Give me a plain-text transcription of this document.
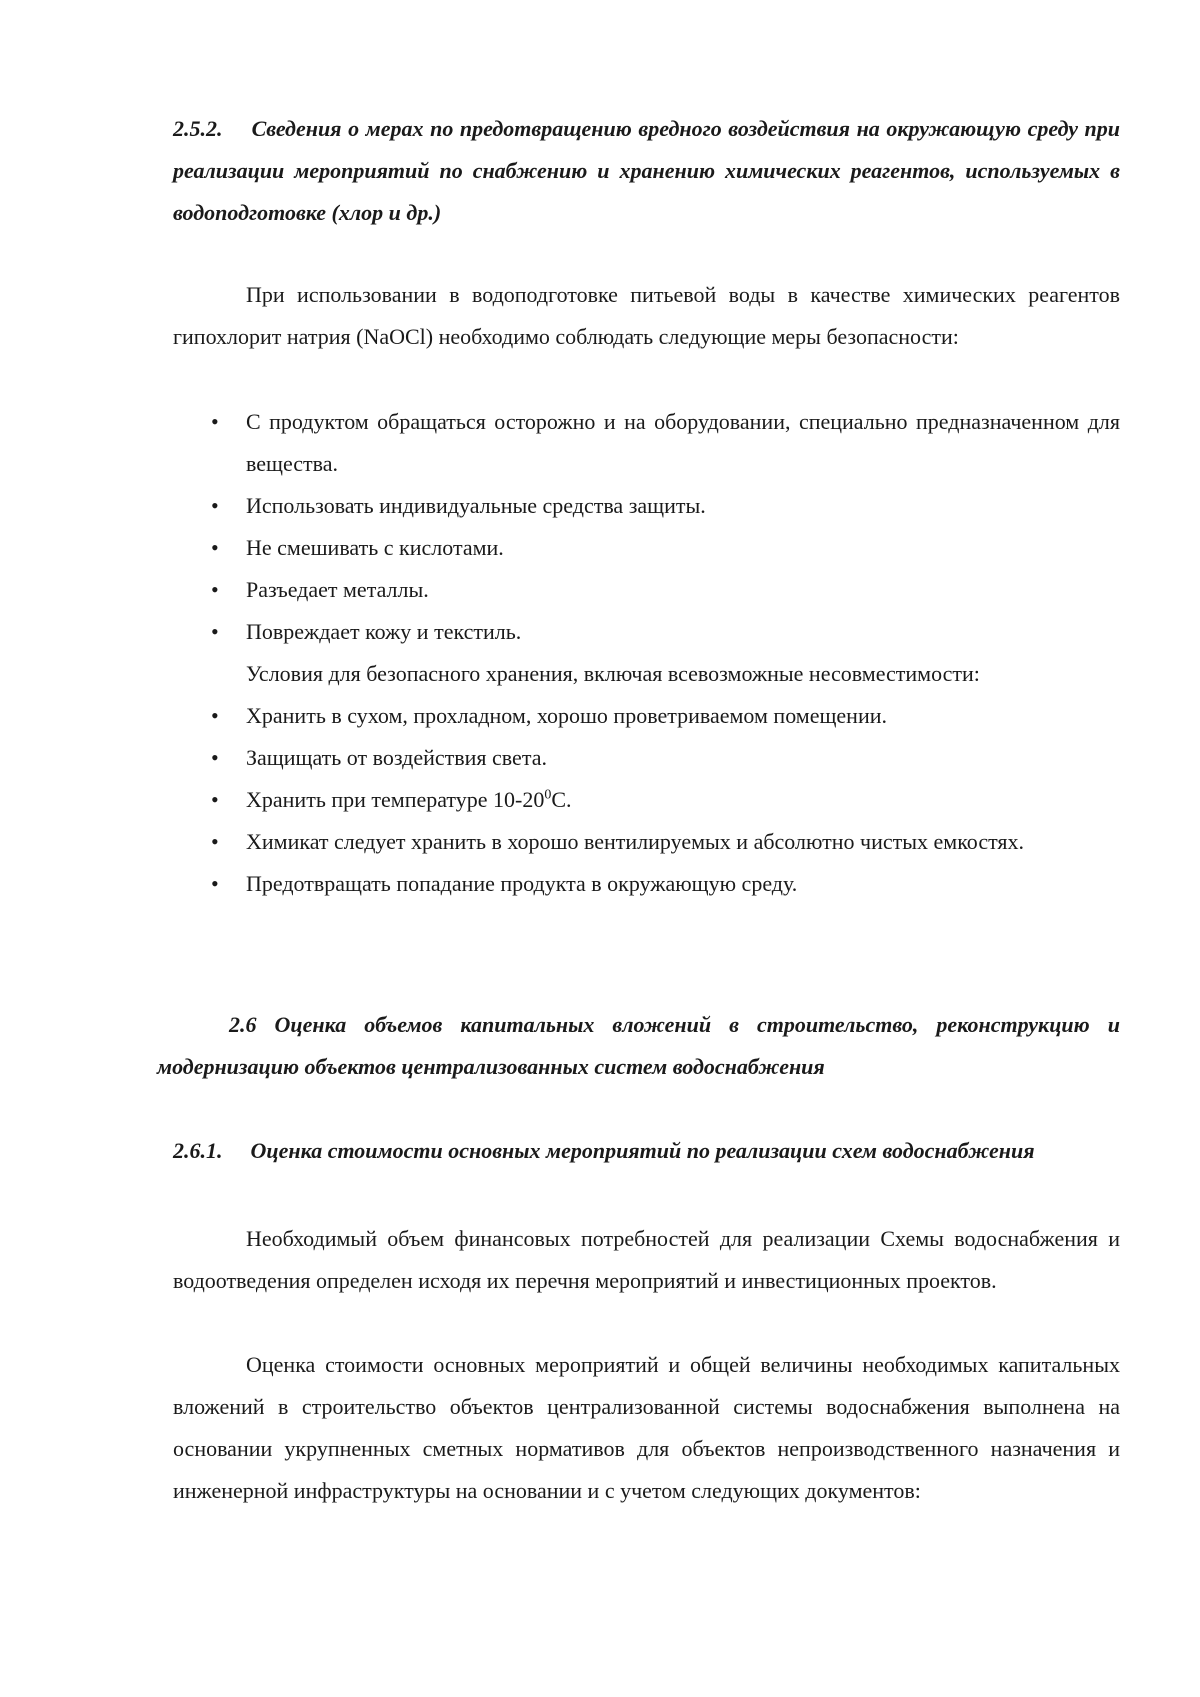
2.5.2. Сведения о мерах по предотвращению вредного воздействия на окружающую среду при реализации мероприятий по снабжению и хранению химических реагентов, используемых в водоподготовке (хлор и др.)
При использовании в водоподготовке питьевой воды в качестве химических реагентов гипохлорит натрия (NaOCl) необходимо соблюдать следующие меры безопасности:
• С продуктом обращаться осторожно и на оборудовании, специально предназначенном для вещества.
• Использовать индивидуальные средства защиты.
• Не смешивать с кислотами.
• Разъедает металлы.
• Повреждает кожу и текстиль.
Условия для безопасного хранения, включая всевозможные несовместимости:
• Хранить в сухом, прохладном, хорошо проветриваемом помещении.
• Защищать от воздействия света.
• Хранить при температуре $10-20^0С$.
• Химикат следует хранить в хорошо вентилируемых и абсолютно чистых емкостях.
• Предотвращать попадание продукта в окружающую среду.
2.6 Оценка объемов капитальных вложений в строительство, реконструкцию и модернизацию объектов централизованных систем водоснабжения
2.6.1. Оценка стоимости основных мероприятий по реализации схем водоснабжения
Необходимый объем финансовых потребностей для реализации Схемы водоснабжения и водоотведения определен исходя их перечня мероприятий и инвестиционных проектов.
Оценка стоимости основных мероприятий и общей величины необходимых капитальных вложений в строительство объектов централизованной системы водоснабжения выполнена на основании укрупненных сметных нормативов для объектов непроизводственного назначения и инженерной инфраструктуры на основании и с учетом следующих документов:
